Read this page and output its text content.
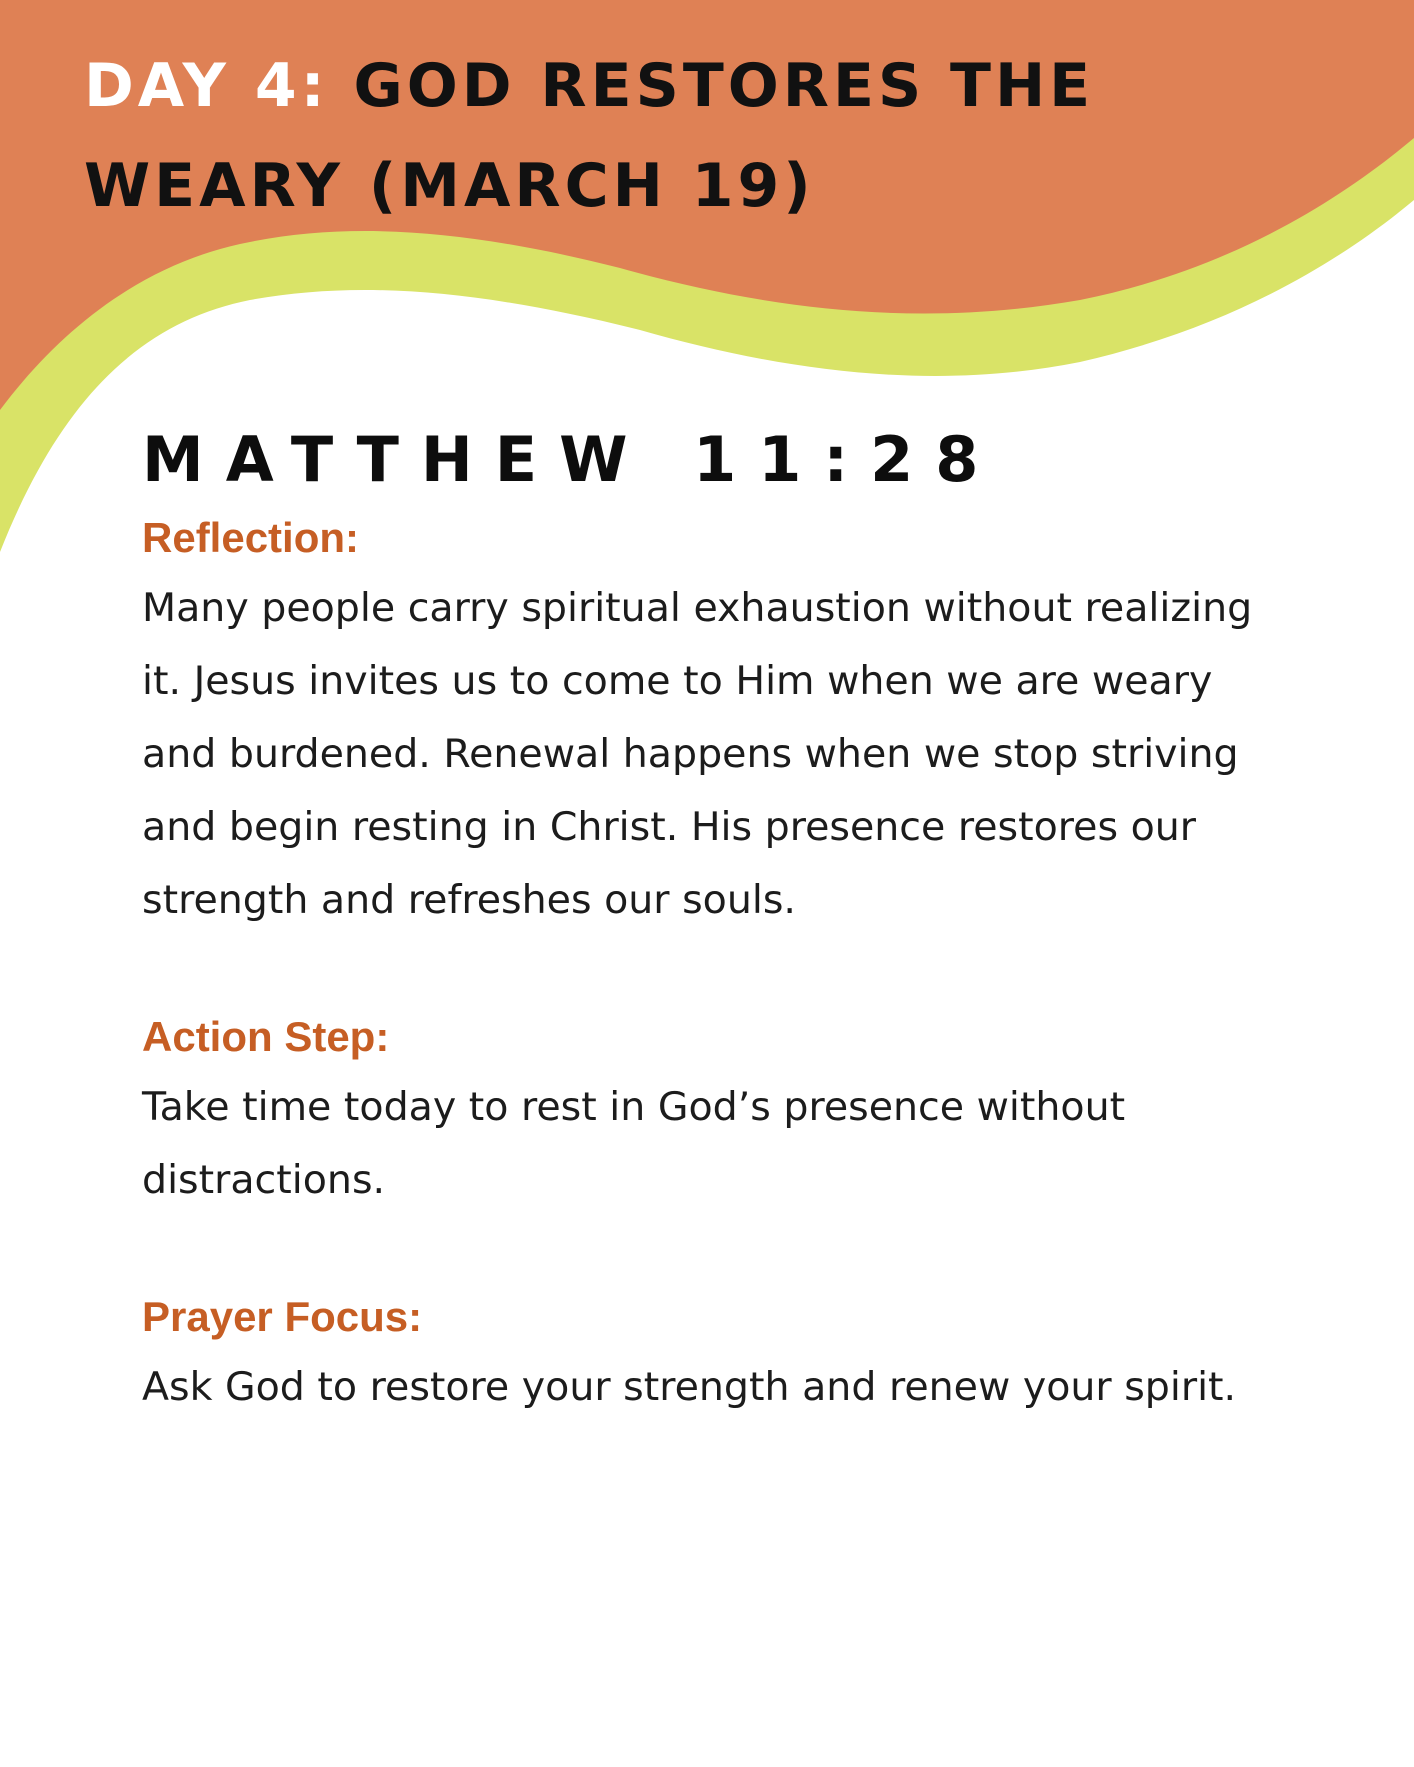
DAY 4: GOD RESTORES THE WEARY (MARCH 19)
MATTHEW 11:28
Reflection:

Many people carry spiritual exhaustion without realizing it. Jesus invites us to come to Him when we are weary and burdened. Renewal happens when we stop striving and begin resting in Christ. His presence restores our strength and refreshes our souls.

Action Step:

Take time today to rest in God’s presence without distractions.

Prayer Focus:

Ask God to restore your strength and renew your spirit.
